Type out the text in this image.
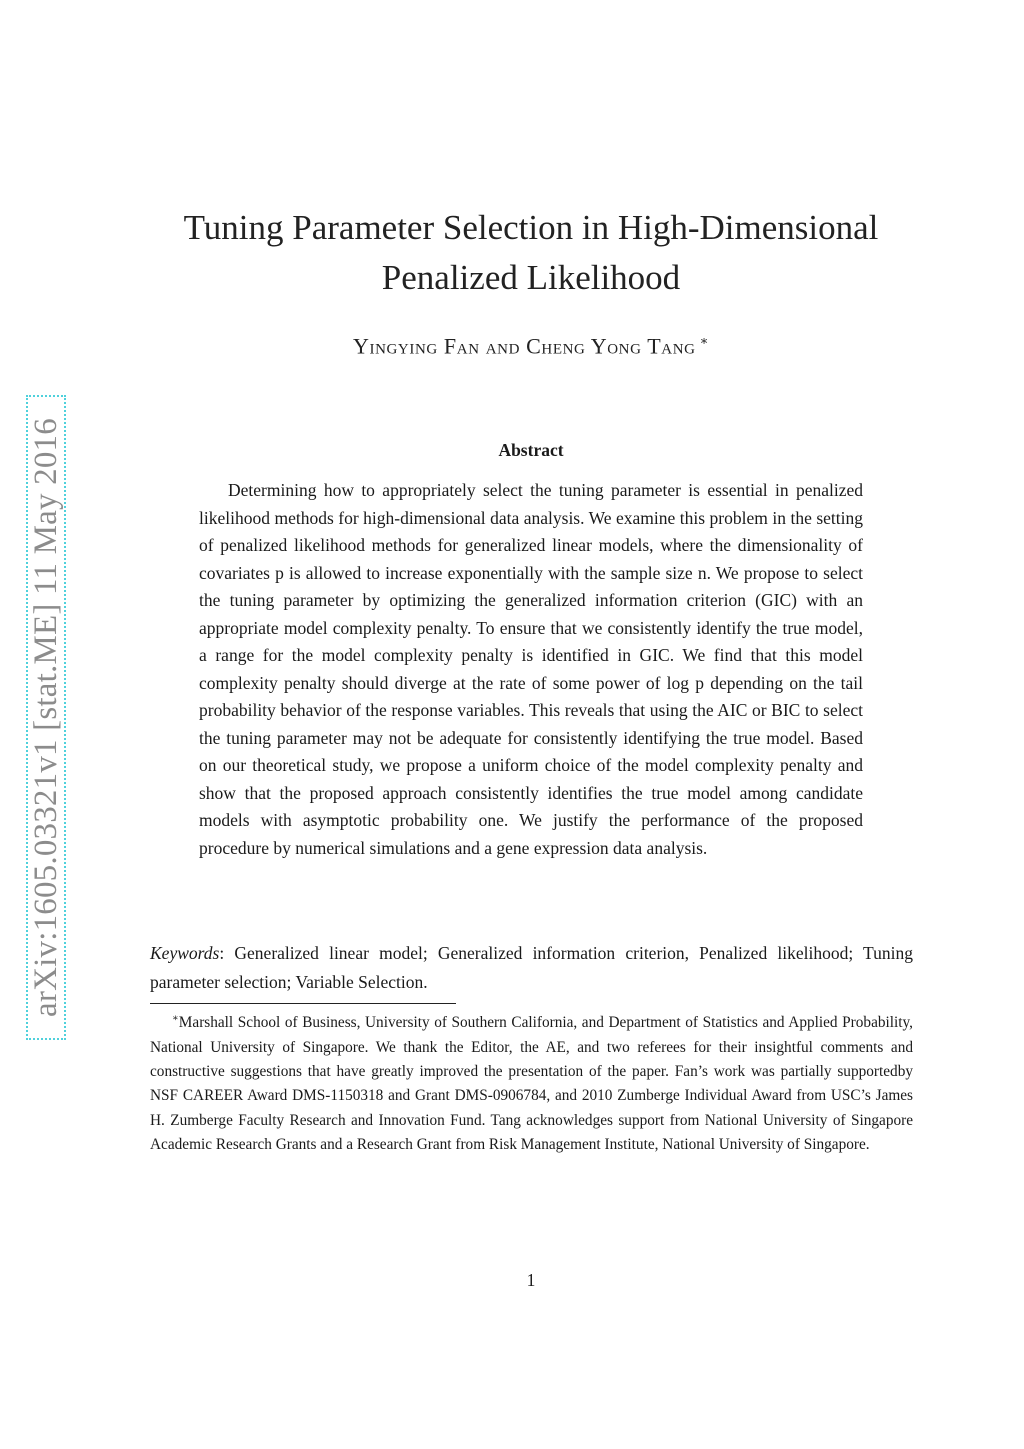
arXiv:1605.03321v1 [stat.ME] 11 May 2016
Tuning Parameter Selection in High-Dimensional
Penalized Likelihood
Yingying Fan and Cheng Yong Tang ∗
Abstract

Determining how to appropriately select the tuning parameter is essential in penalized likelihood methods for high-dimensional data analysis. We examine this problem in the setting of penalized likelihood methods for generalized linear models, where the dimensionality of covariates p is allowed to increase exponentially with the sample size n. We propose to select the tuning parameter by optimizing the generalized information criterion (GIC) with an appropriate model complexity penalty. To ensure that we consistently identify the true model, a range for the model complexity penalty is identified in GIC. We find that this model complexity penalty should diverge at the rate of some power of log p depending on the tail probability behavior of the response variables. This reveals that using the AIC or BIC to select the tuning parameter may not be adequate for consistently identifying the true model. Based on our theoretical study, we propose a uniform choice of the model complexity penalty and show that the proposed approach consistently identifies the true model among candidate models with asymptotic probability one. We justify the performance of the proposed procedure by numerical simulations and a gene expression data analysis.

Keywords: Generalized linear model; Generalized information criterion, Penalized likelihood; Tuning parameter selection; Variable Selection.

∗Marshall School of Business, University of Southern California, and Department of Statistics and Applied Probability, National University of Singapore. We thank the Editor, the AE, and two referees for their insightful comments and constructive suggestions that have greatly improved the presentation of the paper. Fan’s work was partially supportedby NSF CAREER Award DMS-1150318 and Grant DMS-0906784, and 2010 Zumberge Individual Award from USC’s James H. Zumberge Faculty Research and Innovation Fund. Tang acknowledges support from National University of Singapore Academic Research Grants and a Research Grant from Risk Management Institute, National University of Singapore.

1
